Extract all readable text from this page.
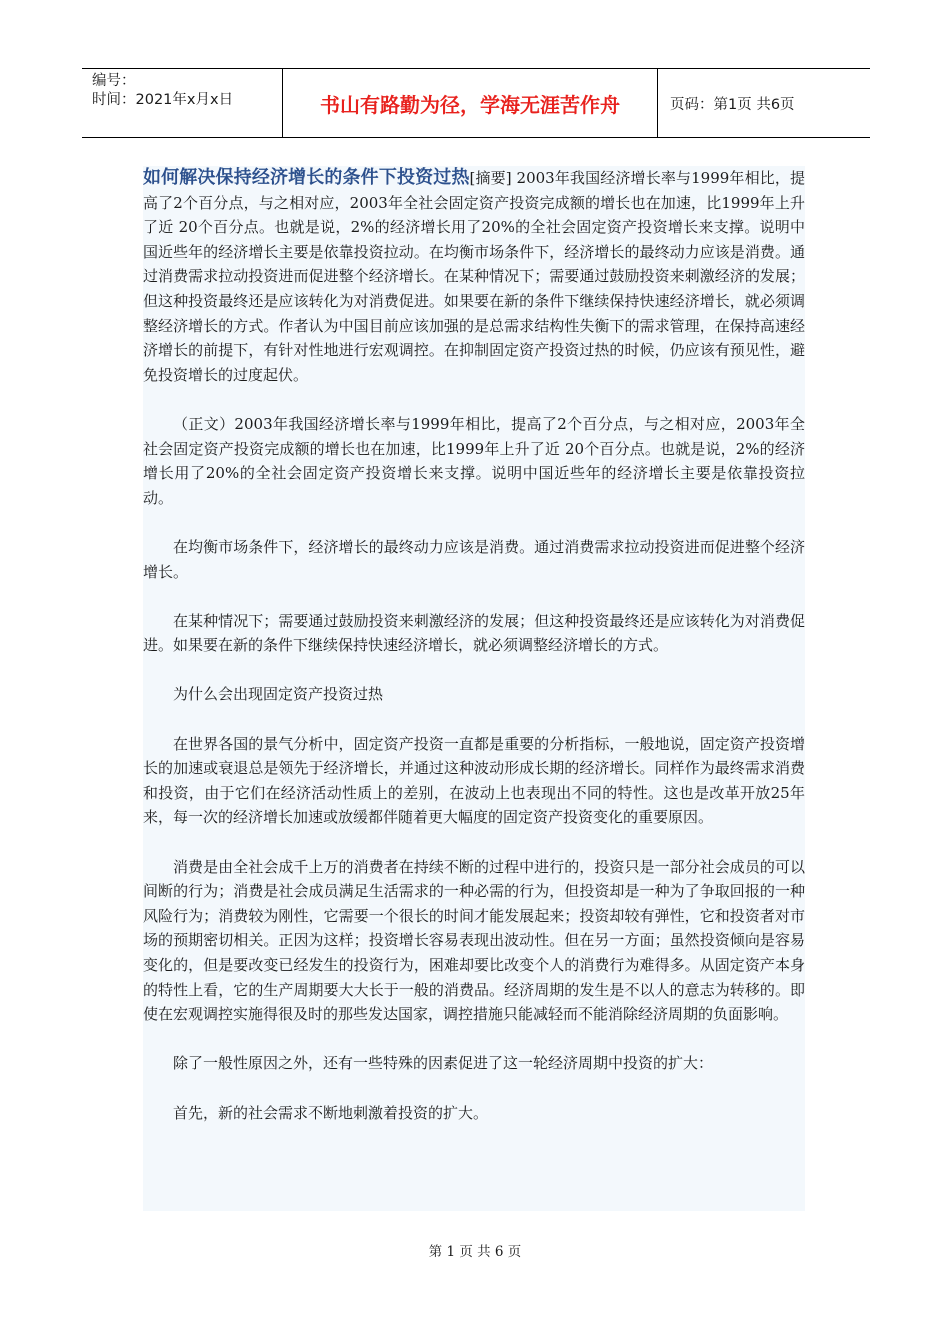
编号：
时间：2021年x月x日	书山有路勤为径，学海无涯苦作舟	页码：第1页 共6页

如何解决保持经济增长的条件下投资过热[摘要] 2003年我国经济增长率与1999年相比，提高了2个百分点，与之相对应，2003年全社会固定资产投资完成额的增长也在加速，比1999年上升了近 20个百分点。也就是说，2%的经济增长用了20%的全社会固定资产投资增长来支撑。说明中国近些年的经济增长主要是依靠投资拉动。在均衡市场条件下，经济增长的最终动力应该是消费。通过消费需求拉动投资进而促进整个经济增长。在某种情况下；需要通过鼓励投资来刺激经济的发展；但这种投资最终还是应该转化为对消费促进。如果要在新的条件下继续保持快速经济增长，就必须调整经济增长的方式。作者认为中国目前应该加强的是总需求结构性失衡下的需求管理，在保持高速经济增长的前提下，有针对性地进行宏观调控。在抑制固定资产投资过热的时候，仍应该有预见性，避免投资增长的过度起伏。

（正文）2003年我国经济增长率与1999年相比，提高了2个百分点，与之相对应，2003年全社会固定资产投资完成额的增长也在加速，比1999年上升了近 20个百分点。也就是说，2%的经济增长用了20%的全社会固定资产投资增长来支撑。说明中国近些年的经济增长主要是依靠投资拉动。

在均衡市场条件下，经济增长的最终动力应该是消费。通过消费需求拉动投资进而促进整个经济增长。

在某种情况下；需要通过鼓励投资来刺激经济的发展；但这种投资最终还是应该转化为对消费促进。如果要在新的条件下继续保持快速经济增长，就必须调整经济增长的方式。

为什么会出现固定资产投资过热

在世界各国的景气分析中，固定资产投资一直都是重要的分析指标，一般地说，固定资产投资增长的加速或衰退总是领先于经济增长，并通过这种波动形成长期的经济增长。同样作为最终需求消费和投资，由于它们在经济活动性质上的差别，在波动上也表现出不同的特性。这也是改革开放25年来，每一次的经济增长加速或放缓都伴随着更大幅度的固定资产投资变化的重要原因。

消费是由全社会成千上万的消费者在持续不断的过程中进行的，投资只是一部分社会成员的可以间断的行为；消费是社会成员满足生活需求的一种必需的行为，但投资却是一种为了争取回报的一种风险行为；消费较为刚性，它需要一个很长的时间才能发展起来；投资却较有弹性，它和投资者对市场的预期密切相关。正因为这样；投资增长容易表现出波动性。但在另一方面；虽然投资倾向是容易变化的，但是要改变已经发生的投资行为，困难却要比改变个人的消费行为难得多。从固定资产本身的特性上看，它的生产周期要大大长于一般的消费品。经济周期的发生是不以人的意志为转移的。即使在宏观调控实施得很及时的那些发达国家，调控措施只能减轻而不能消除经济周期的负面影响。

除了一般性原因之外，还有一些特殊的因素促进了这一轮经济周期中投资的扩大：

首先，新的社会需求不断地刺激着投资的扩大。

第 1 页 共 6 页
